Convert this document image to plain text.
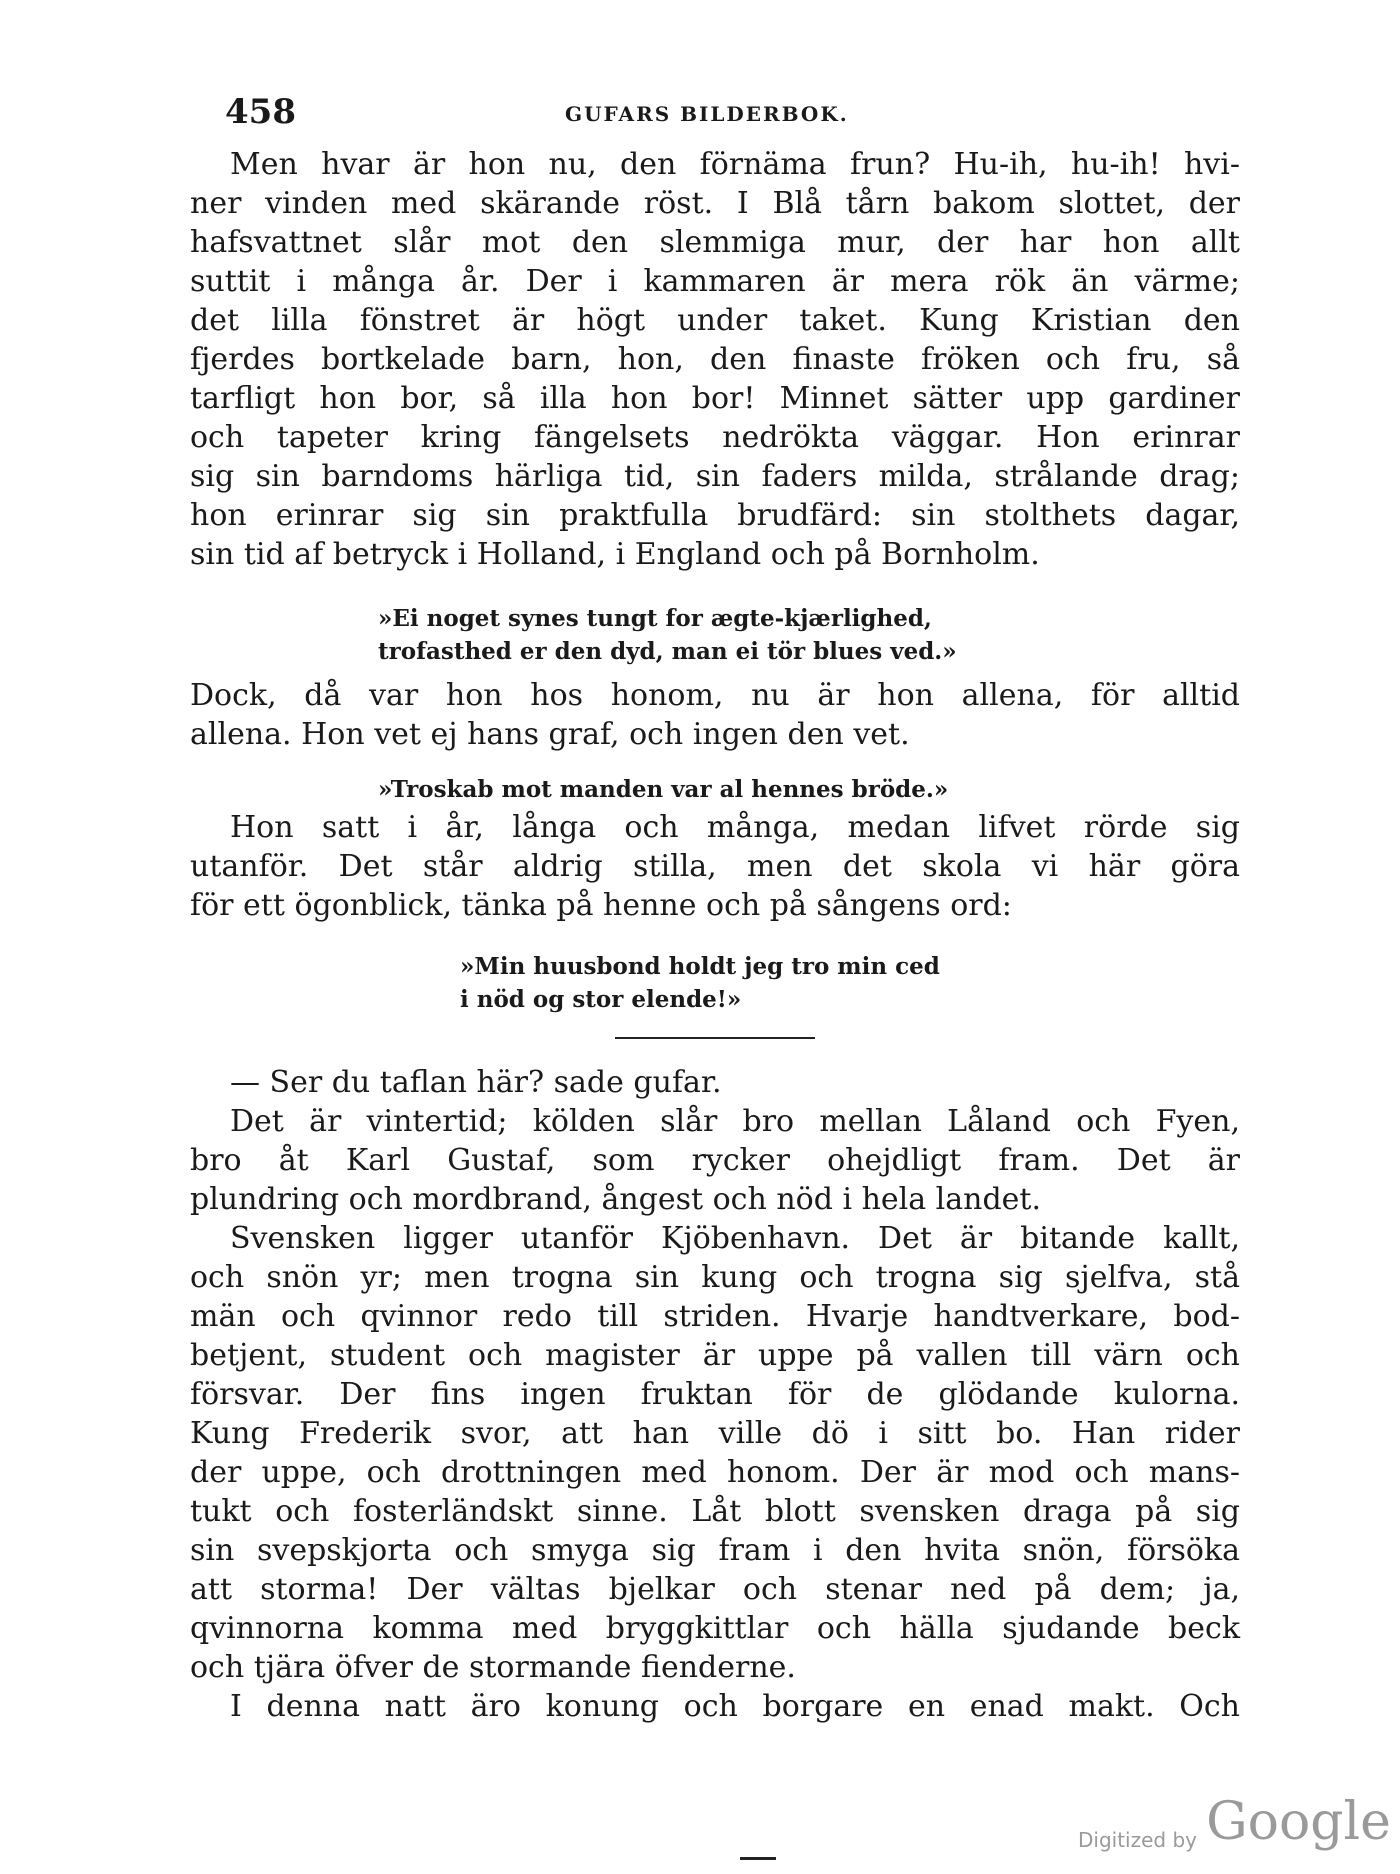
458	GUFARS BILDERBOK.
Men hvar är hon nu, den förnäma frun? Hu-ih, hu-ih! hvi-
ner vinden med skärande röst. I Blå tårn bakom slottet, der
hafsvattnet slår mot den slemmiga mur, der har hon allt
suttit i många år. Der i kammaren är mera rök än värme;
det lilla fönstret är högt under taket. Kung Kristian den
fjerdes bortkelade barn, hon, den finaste fröken och fru, så
tarfligt hon bor, så illa hon bor! Minnet sätter upp gardiner
och tapeter kring fängelsets nedrökta väggar. Hon erinrar
sig sin barndoms härliga tid, sin faders milda, strålande drag;
hon erinrar sig sin praktfulla brudfärd: sin stolthets dagar,
sin tid af betryck i Holland, i England och på Bornholm.
»Ei noget synes tungt for ægte-kjærlighed,
trofasthed er den dyd, man ei tör blues ved.»
Dock, då var hon hos honom, nu är hon allena, för alltid
allena. Hon vet ej hans graf, och ingen den vet.
»Troskab mot manden var al hennes bröde.»
Hon satt i år, långa och många, medan lifvet rörde sig
utanför. Det står aldrig stilla, men det skola vi här göra
för ett ögonblick, tänka på henne och på sångens ord:
»Min huusbond holdt jeg tro min ced
i nöd og stor elende!»
— Ser du taflan här? sade gufar.
Det är vintertid; kölden slår bro mellan Låland och Fyen,
bro åt Karl Gustaf, som rycker ohejdligt fram. Det är
plundring och mordbrand, ångest och nöd i hela landet.
Svensken ligger utanför Kjöbenhavn. Det är bitande kallt,
och snön yr; men trogna sin kung och trogna sig sjelfva, stå
män och qvinnor redo till striden. Hvarje handtverkare, bod-
betjent, student och magister är uppe på vallen till värn och
försvar. Der fins ingen fruktan för de glödande kulorna.
Kung Frederik svor, att han ville dö i sitt bo. Han rider
der uppe, och drottningen med honom. Der är mod och mans-
tukt och fosterländskt sinne. Låt blott svensken draga på sig
sin svepskjorta och smyga sig fram i den hvita snön, försöka
att storma! Der vältas bjelkar och stenar ned på dem; ja,
qvinnorna komma med bryggkittlar och hälla sjudande beck
och tjära öfver de stormande fienderne.
I denna natt äro konung och borgare en enad makt. Och
Digitized by Google
